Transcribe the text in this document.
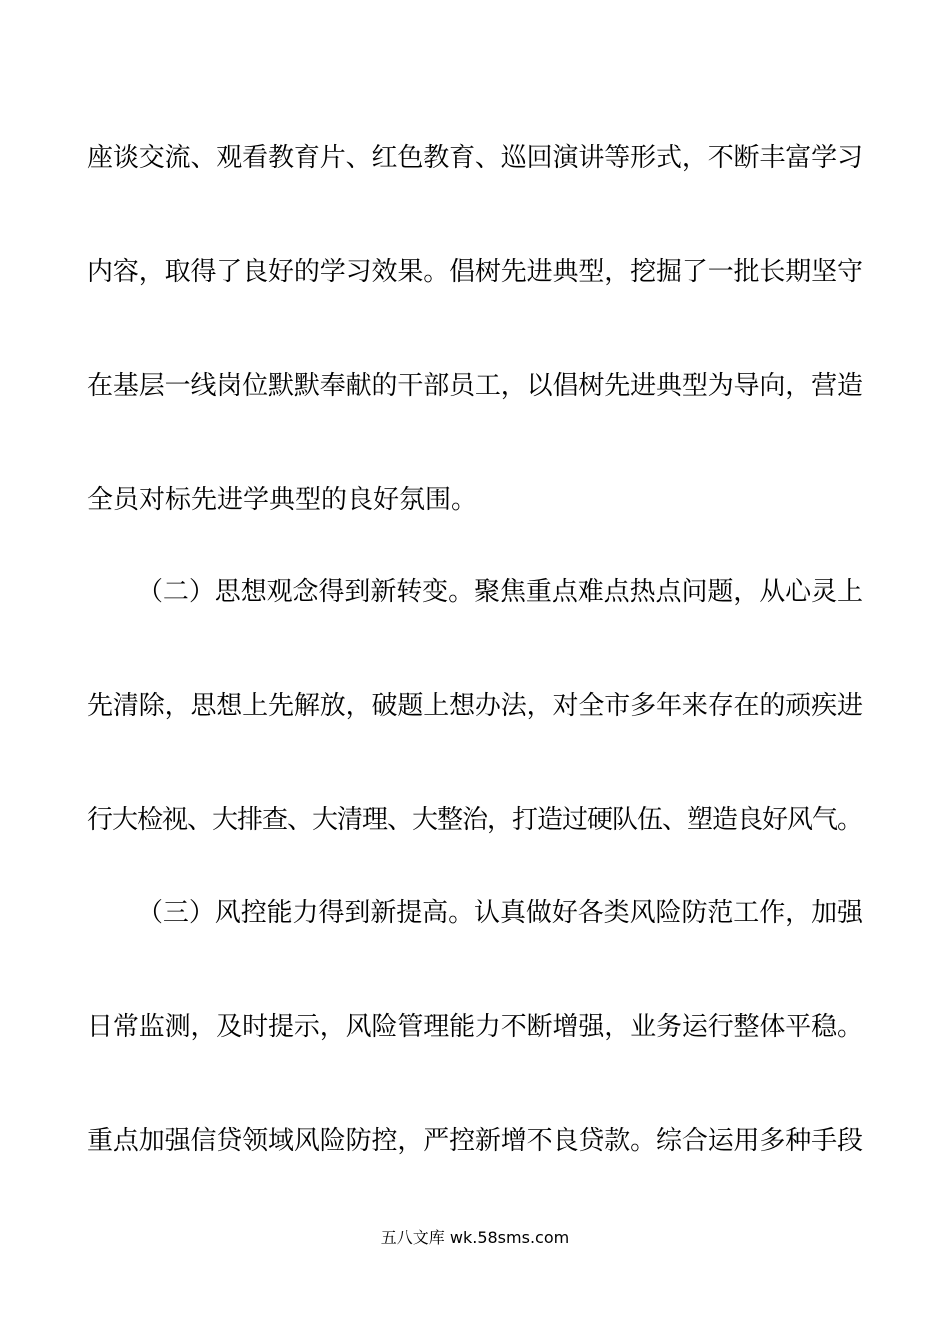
座谈交流、观看教育片、红色教育、巡回演讲等形式，不断丰富学习
内容，取得了良好的学习效果。倡树先进典型，挖掘了一批长期坚守
在基层一线岗位默默奉献的干部员工，以倡树先进典型为导向，营造
全员对标先进学典型的良好氛围。
（二）思想观念得到新转变。聚焦重点难点热点问题，从心灵上
先清除，思想上先解放，破题上想办法，对全市多年来存在的顽疾进
行大检视、大排查、大清理、大整治，打造过硬队伍、塑造良好风气。
（三）风控能力得到新提高。认真做好各类风险防范工作，加强
日常监测，及时提示，风险管理能力不断增强，业务运行整体平稳。
重点加强信贷领域风险防控，严控新增不良贷款。综合运用多种手段
五八文库 wk.58sms.com
